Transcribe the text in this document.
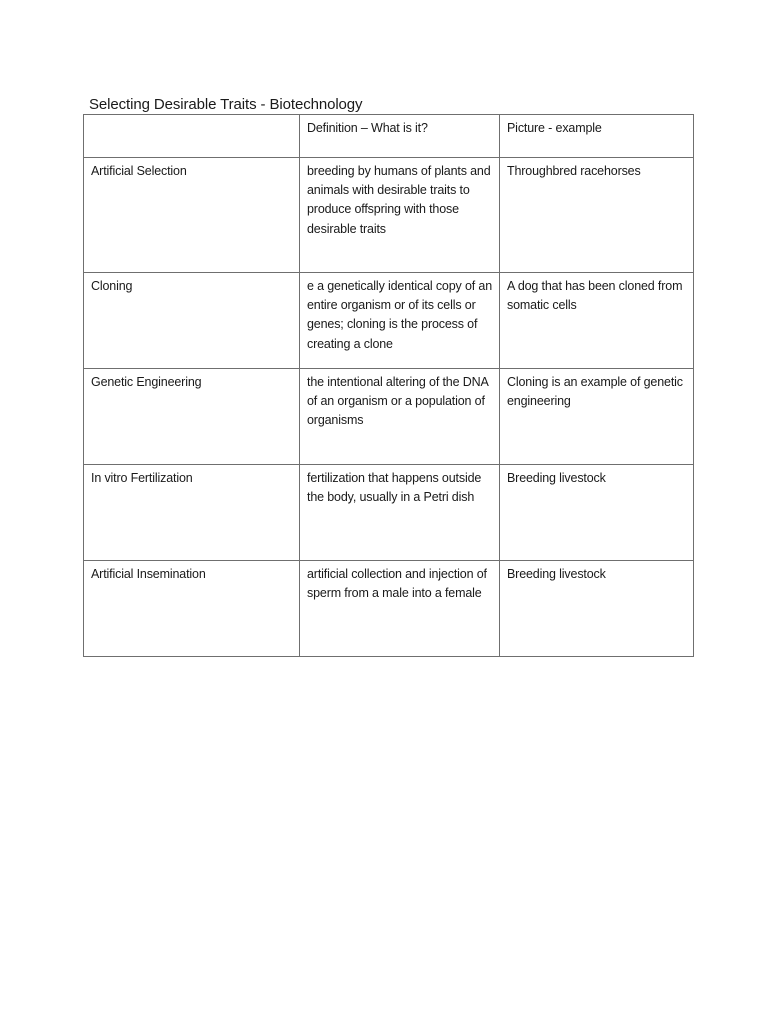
Selecting Desirable Traits - Biotechnology
	Definition – What is it?	Picture - example
Artificial Selection	breeding by humans of plants and animals with desirable traits to produce offspring with those desirable traits	Throughbred racehorses
Cloning	e a genetically identical copy of an entire organism or of its cells or genes; cloning is the process of creating a clone	A dog that has been cloned from somatic cells
Genetic Engineering	the intentional altering of the DNA of an organism or a population of organisms	Cloning is an example of genetic engineering
In vitro Fertilization	fertilization that happens outside the body, usually in a Petri dish	Breeding livestock
Artificial Insemination	artificial collection and injection of sperm from a male into a female	Breeding livestock
